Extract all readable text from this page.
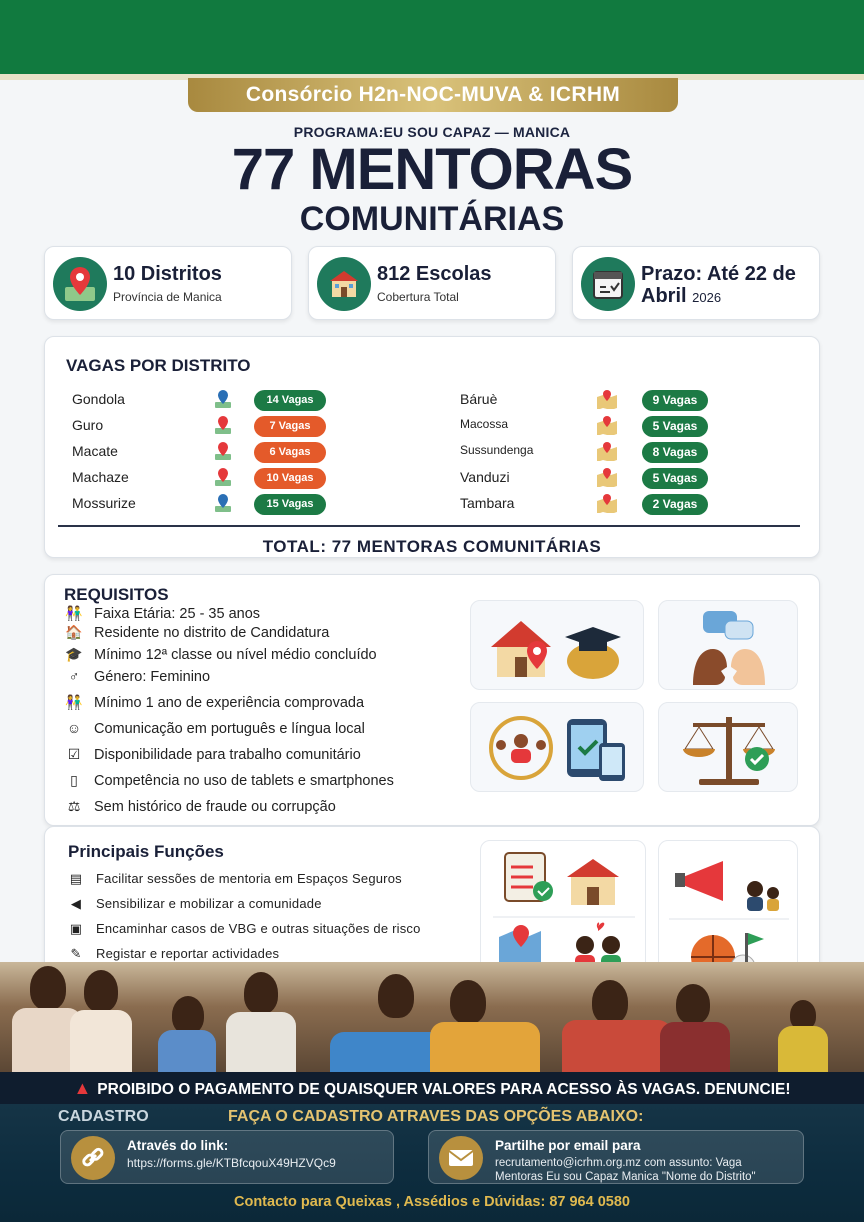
Consórcio H2n-NOC-MUVA & ICRHM
PROGRAMA:EU SOU CAPAZ — MANICA
77 MENTORAS
COMUNITÁRIAS
10 Distritos
Província de Manica
812 Escolas
Cobertura Total
Prazo: Até 22 de
Abril 2026
VAGAS POR DISTRITO
Gondola	14 Vagas
Guro	7 Vagas
Macate	6 Vagas
Machaze	10 Vagas
Mossurize	15 Vagas
Báruè	9 Vagas
Macossa	5 Vagas
Sussundenga	8 Vagas
Vanduzi	5 Vagas
Tambara	2 Vagas
TOTAL: 77 MENTORAS COMUNITÁRIAS
REQUISITOS
👫 Faixa Etária: 25 - 35 anos
🏠 Residente no distrito de Candidatura
🎓 Mínimo 12ª classe ou nível médio concluído
♂ Género: Feminino
👫 Mínimo 1 ano de experiência comprovada
☺ Comunicação em português e língua local
☑ Disponibilidade para trabalho comunitário
▯ Competência no uso de tablets e smartphones
⚖ Sem histórico de fraude ou corrupção
Principais Funções
▤ Facilitar sessões de mentoria em Espaços Seguros
◀ Sensibilizar e mobilizar a comunidade
▣ Encaminhar casos de VBG e outras situações de risco
✎ Registar e reportar actividades
▲ PROIBIDO O PAGAMENTO DE QUAISQUER VALORES PARA ACESSO ÀS VAGAS. DENUNCIE!
CADASTRO	FAÇA O CADASTRO ATRAVES DAS OPÇÕES ABAIXO:
Através do link:
https://forms.gle/KTBfcqouX49HZVQc9
Partilhe por email para
recrutamento@icrhm.org.mz com assunto: Vaga
Mentoras Eu sou Capaz Manica "Nome do Distrito"
Contacto para Queixas , Assédios e Dúvidas: 87 964 0580
